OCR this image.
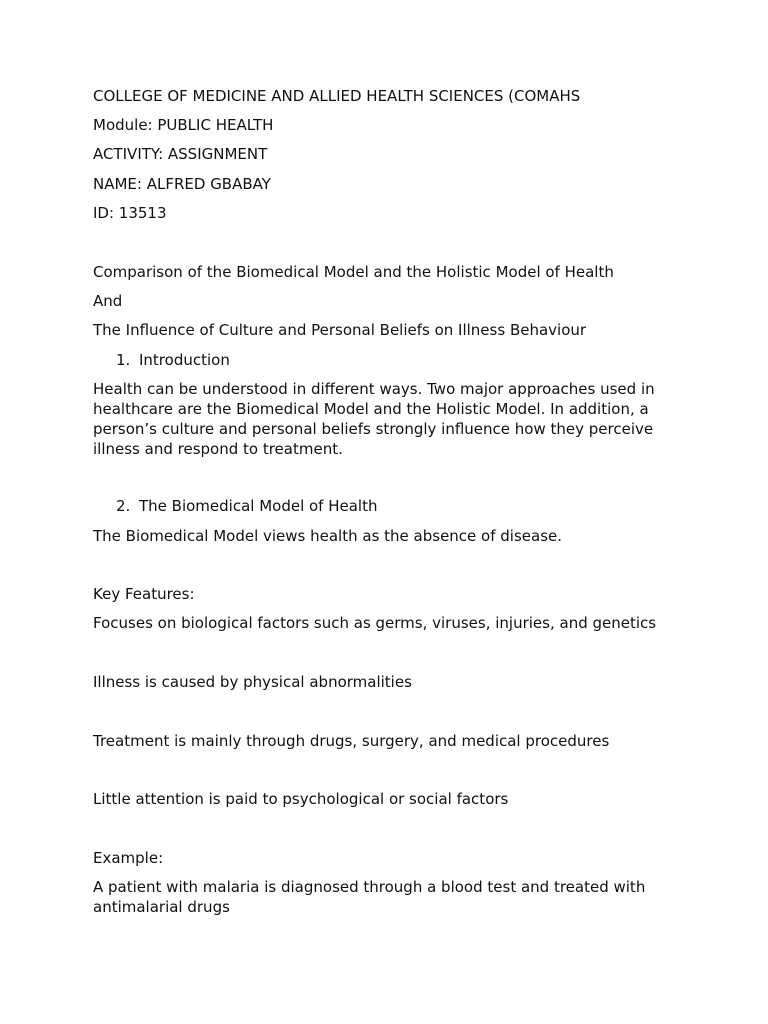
COLLEGE OF MEDICINE AND ALLIED HEALTH SCIENCES (COMAHS

Module: PUBLIC HEALTH

ACTIVITY: ASSIGNMENT

NAME: ALFRED GBABAY

ID: 13513

Comparison of the Biomedical Model and the Holistic Model of Health

And

The Influence of Culture and Personal Beliefs on Illness Behaviour

1. Introduction

Health can be understood in different ways. Two major approaches used in healthcare are the Biomedical Model and the Holistic Model. In addition, a person’s culture and personal beliefs strongly influence how they perceive illness and respond to treatment.

2. The Biomedical Model of Health

The Biomedical Model views health as the absence of disease.

Key Features:

Focuses on biological factors such as germs, viruses, injuries, and genetics

Illness is caused by physical abnormalities

Treatment is mainly through drugs, surgery, and medical procedures

Little attention is paid to psychological or social factors

Example:

A patient with malaria is diagnosed through a blood test and treated with antimalarial drugs
